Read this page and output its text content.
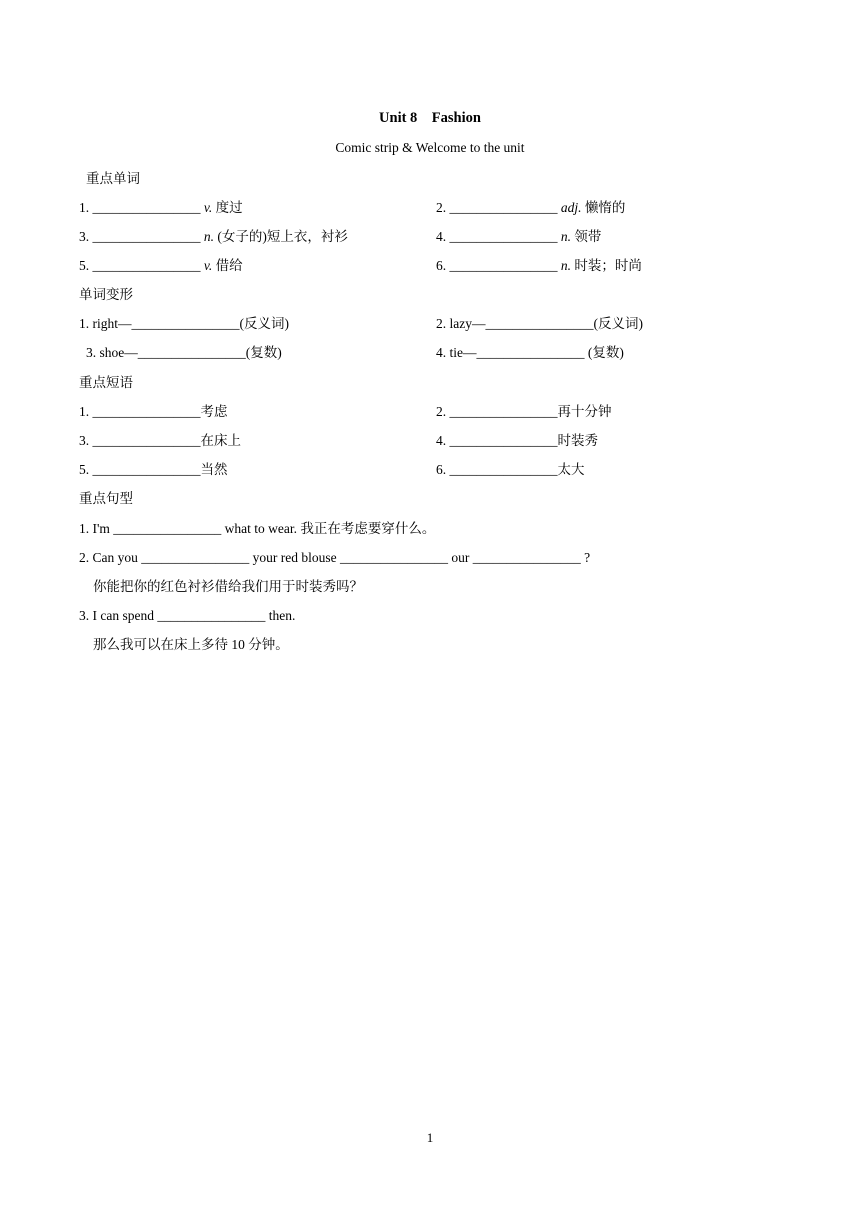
Unit 8    Fashion
Comic strip & Welcome to the unit
重点单词
1. ________________ v. 度过	2. ________________ adj. 懒惰的
3. ________________ n. (女子的)短上衣，衬衫	4. ________________ n. 领带
5. ________________ v. 借给	6. ________________ n. 时装；时尚
单词变形
1. right—________________(反义词)	2. lazy—________________(反义词)
3. shoe—________________(复数)	4. tie—________________ (复数)
重点短语
1. ________________考虑	2. ________________再十分钟
3. ________________在床上	4. ________________时装秀
5. ________________当然	6. ________________太大
重点句型
1. I'm ________________ what to wear. 我正在考虑要穿什么。
2. Can you ________________ your red blouse ________________ our ________________ ?
你能把你的红色衬衫借给我们用于时装秀吗？
3. I can spend ________________ then.
那么我可以在床上多待 10 分钟。
1
